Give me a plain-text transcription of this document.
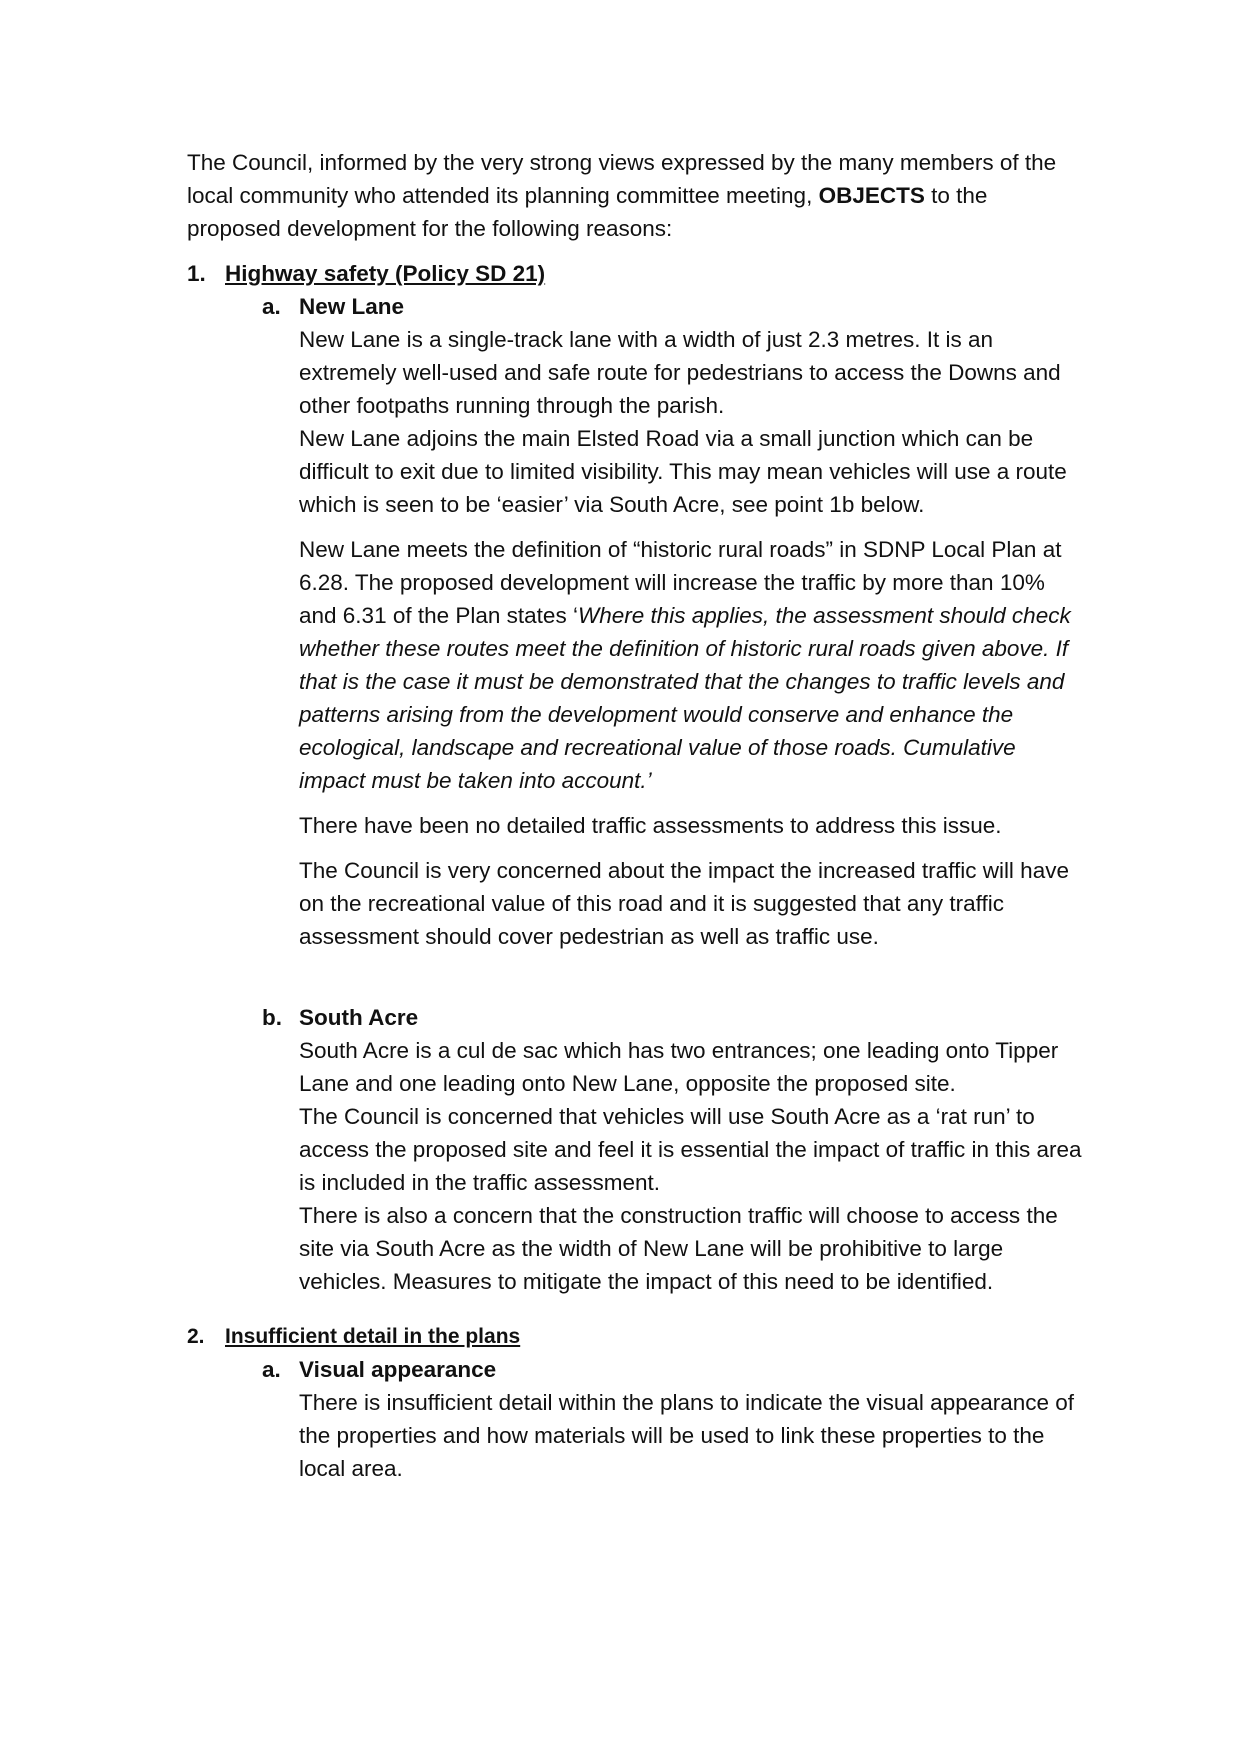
The Council, informed by the very strong views expressed by the many members of the local community who attended its planning committee meeting, OBJECTS to the proposed development for the following reasons:

1. Highway safety (Policy SD 21)
a. New Lane

New Lane is a single-track lane with a width of just 2.3 metres. It is an extremely well-used and safe route for pedestrians to access the Downs and other footpaths running through the parish.

New Lane adjoins the main Elsted Road via a small junction which can be difficult to exit due to limited visibility. This may mean vehicles will use a route which is seen to be ‘easier’ via South Acre, see point 1b below.

New Lane meets the definition of “historic rural roads” in SDNP Local Plan at 6.28. The proposed development will increase the traffic by more than 10% and 6.31 of the Plan states ‘Where this applies, the assessment should check whether these routes meet the definition of historic rural roads given above. If that is the case it must be demonstrated that the changes to traffic levels and patterns arising from the development would conserve and enhance the ecological, landscape and recreational value of those roads. Cumulative impact must be taken into account.’

There have been no detailed traffic assessments to address this issue.

The Council is very concerned about the impact the increased traffic will have on the recreational value of this road and it is suggested that any traffic assessment should cover pedestrian as well as traffic use.

b. South Acre

South Acre is a cul de sac which has two entrances; one leading onto Tipper Lane and one leading onto New Lane, opposite the proposed site.

The Council is concerned that vehicles will use South Acre as a ‘rat run’ to access the proposed site and feel it is essential the impact of traffic in this area is included in the traffic assessment.

There is also a concern that the construction traffic will choose to access the site via South Acre as the width of New Lane will be prohibitive to large vehicles. Measures to mitigate the impact of this need to be identified.

2. Insufficient detail in the plans
a. Visual appearance

There is insufficient detail within the plans to indicate the visual appearance of the properties and how materials will be used to link these properties to the local area.
